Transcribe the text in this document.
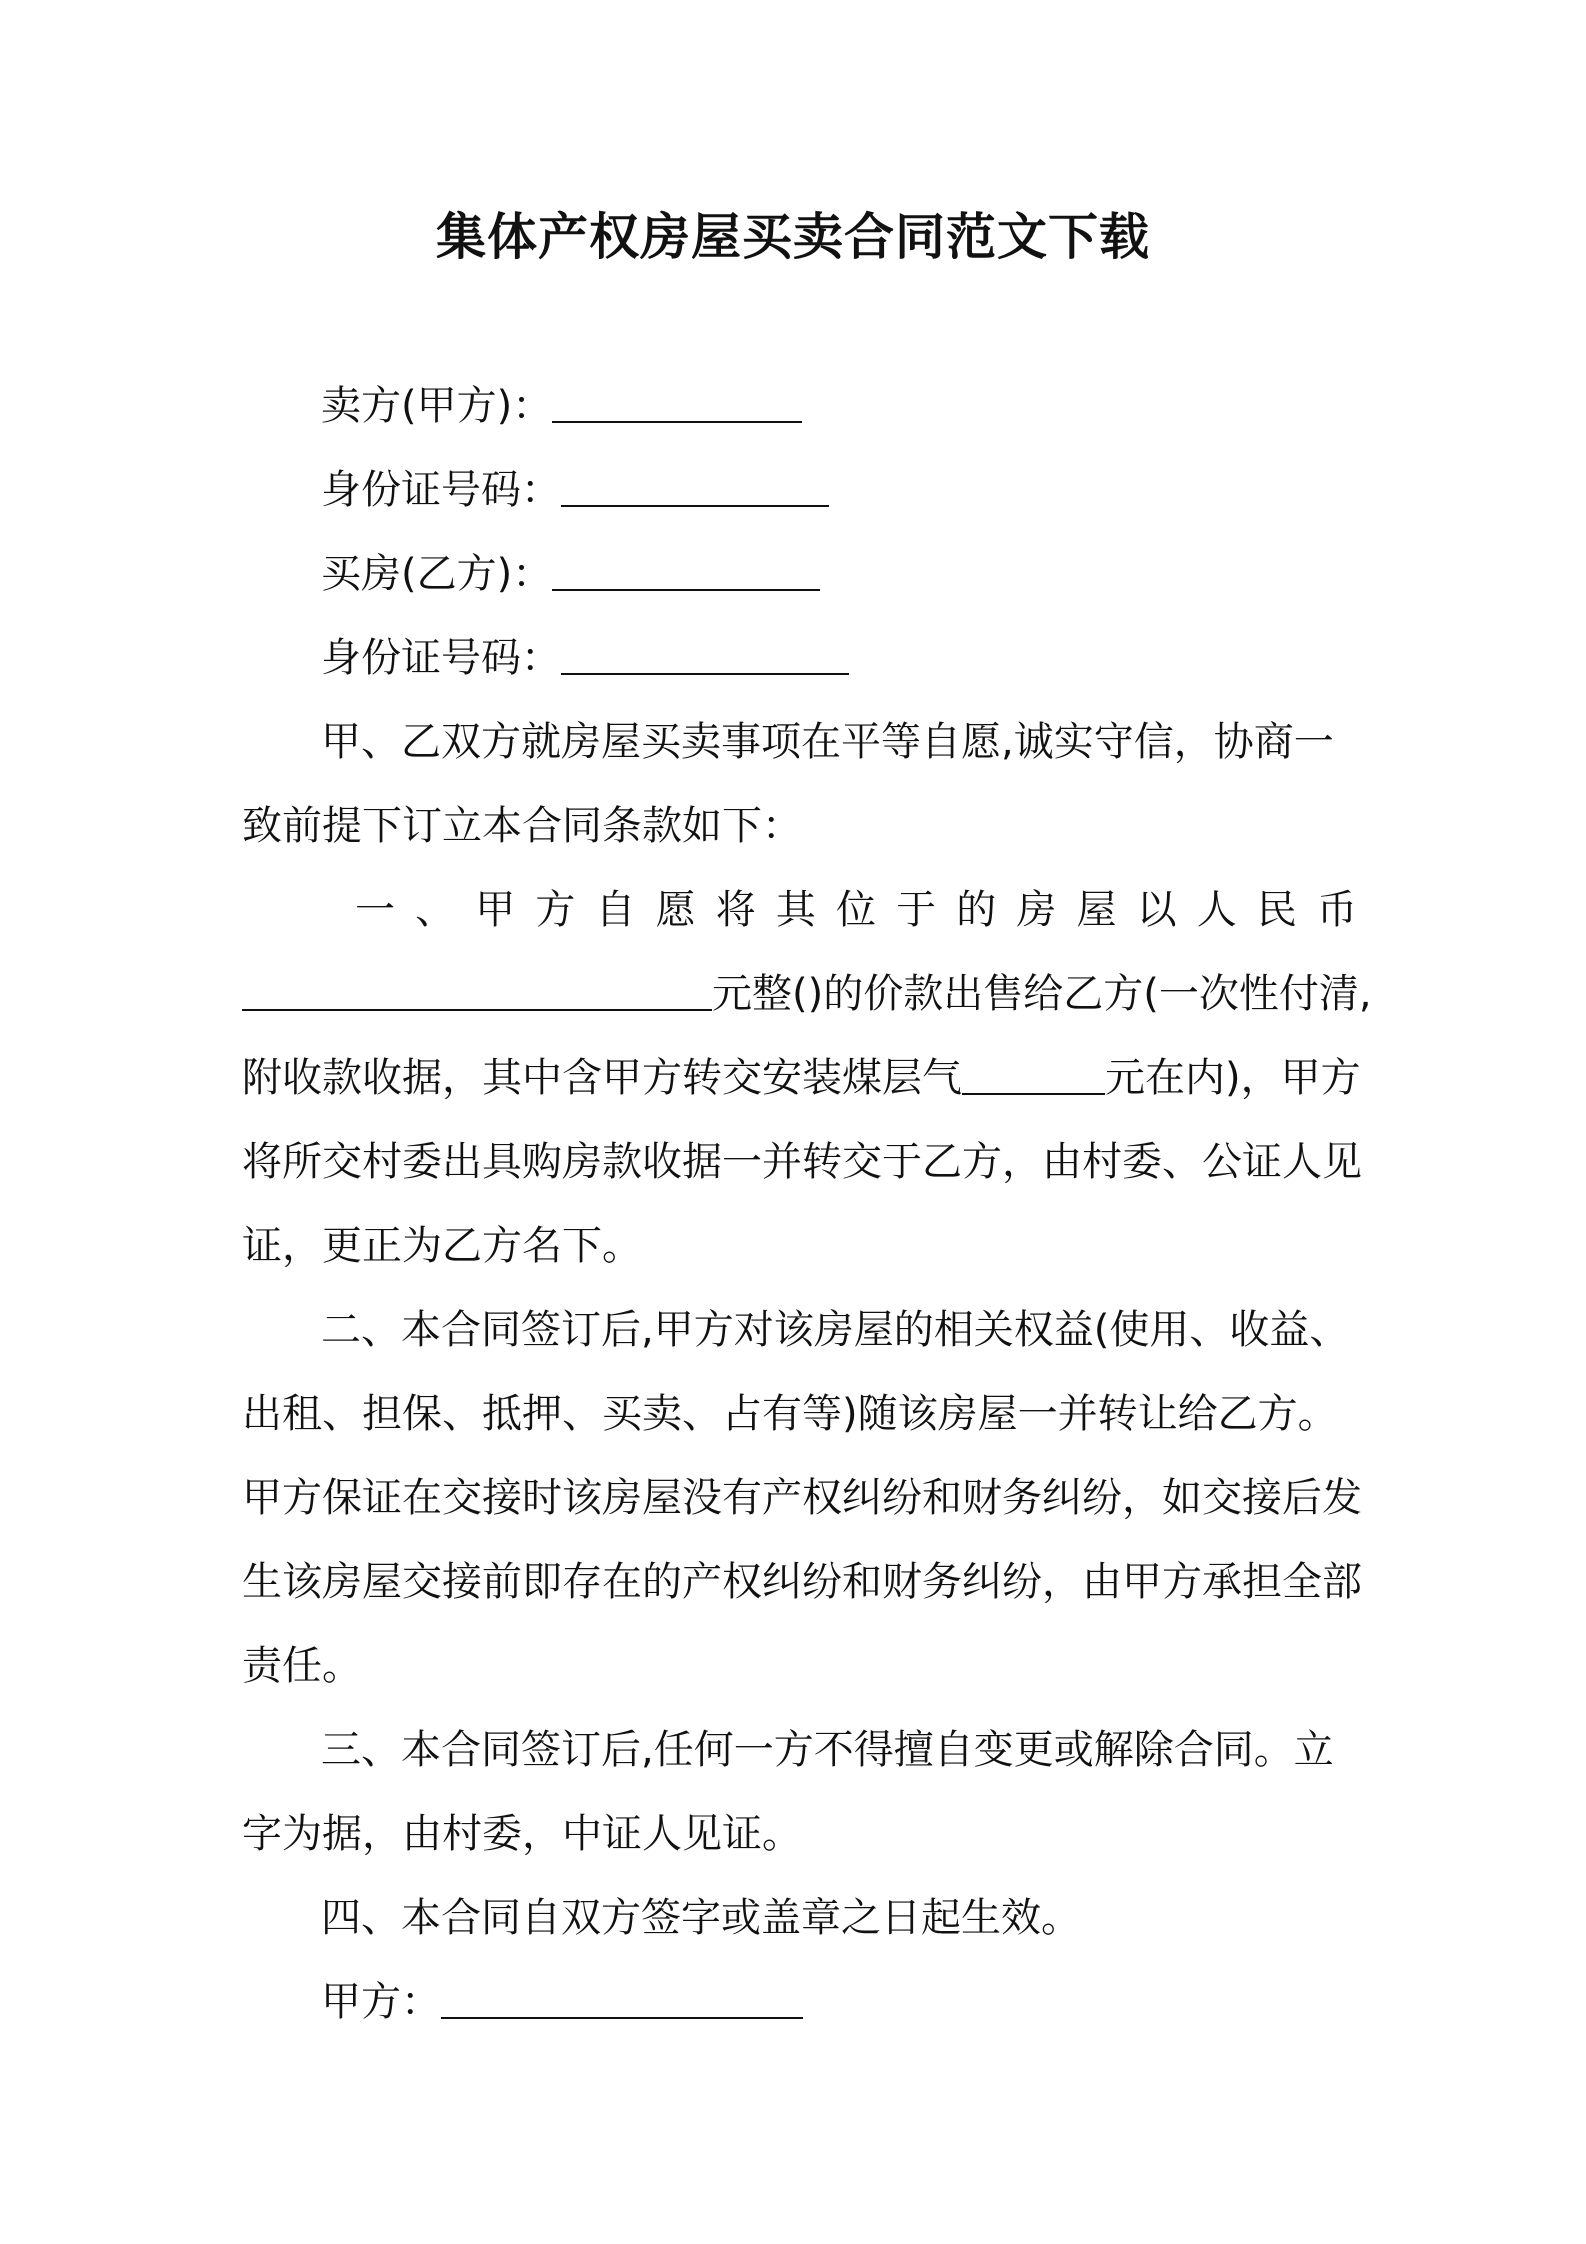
集体产权房屋买卖合同范文下载
卖方(甲方)：
身份证号码：
买房(乙方)：
身份证号码：
甲、乙双方就房屋买卖事项在平等自愿,诚实守信，协商一
致前提下订立本合同条款如下：
一、甲方自愿将其位于的房屋以人民币
元整()的价款出售给乙方(一次性付清,
附收款收据，其中含甲方转交安装煤层气	元在内)，甲方
将所交村委出具购房款收据一并转交于乙方，由村委、公证人见
证，更正为乙方名下。
二、本合同签订后,甲方对该房屋的相关权益(使用、收益、
出租、担保、抵押、买卖、占有等)随该房屋一并转让给乙方。
甲方保证在交接时该房屋没有产权纠纷和财务纠纷，如交接后发
生该房屋交接前即存在的产权纠纷和财务纠纷，由甲方承担全部
责任。
三、本合同签订后,任何一方不得擅自变更或解除合同。立
字为据，由村委，中证人见证。
四、本合同自双方签字或盖章之日起生效。
甲方：
